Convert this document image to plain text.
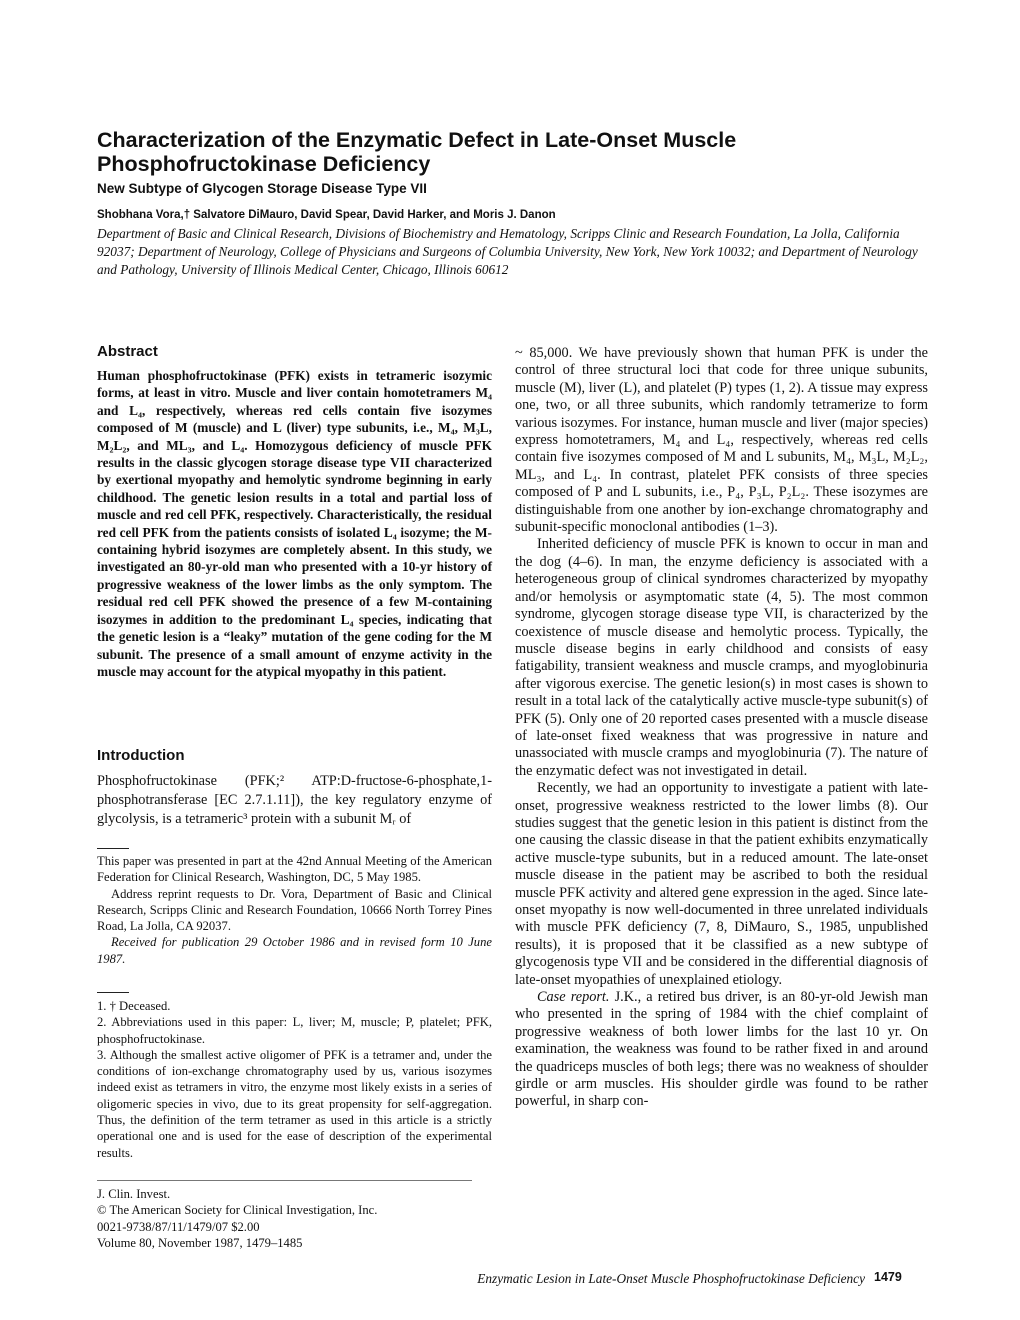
Characterization of the Enzymatic Defect in Late-Onset Muscle Phosphofructokinase Deficiency
New Subtype of Glycogen Storage Disease Type VII
Shobhana Vora,† Salvatore DiMauro, David Spear, David Harker, and Moris J. Danon
Department of Basic and Clinical Research, Divisions of Biochemistry and Hematology, Scripps Clinic and Research Foundation, La Jolla, California 92037; Department of Neurology, College of Physicians and Surgeons of Columbia University, New York, New York 10032; and Department of Neurology and Pathology, University of Illinois Medical Center, Chicago, Illinois 60612
Abstract
Human phosphofructokinase (PFK) exists in tetrameric isozymic forms, at least in vitro. Muscle and liver contain homotetramers M₄ and L₄, respectively, whereas red cells contain five isozymes composed of M (muscle) and L (liver) type subunits, i.e., M₄, M₃L, M₂L₂, and ML₃, and L₄. Homozygous deficiency of muscle PFK results in the classic glycogen storage disease type VII characterized by exertional myopathy and hemolytic syndrome beginning in early childhood. The genetic lesion results in a total and partial loss of muscle and red cell PFK, respectively. Characteristically, the residual red cell PFK from the patients consists of isolated L₄ isozyme; the M-containing hybrid isozymes are completely absent. In this study, we investigated an 80-yr-old man who presented with a 10-yr history of progressive weakness of the lower limbs as the only symptom. The residual red cell PFK showed the presence of a few M-containing isozymes in addition to the predominant L₄ species, indicating that the genetic lesion is a “leaky” mutation of the gene coding for the M subunit. The presence of a small amount of enzyme activity in the muscle may account for the atypical myopathy in this patient.
Introduction
Phosphofructokinase (PFK;² ATP:D-fructose-6-phosphate,1-phosphotransferase [EC 2.7.1.11]), the key regulatory enzyme of glycolysis, is a tetrameric³ protein with a subunit Mᵣ of

This paper was presented in part at the 42nd Annual Meeting of the American Federation for Clinical Research, Washington, DC, 5 May 1985.

Address reprint requests to Dr. Vora, Department of Basic and Clinical Research, Scripps Clinic and Research Foundation, 10666 North Torrey Pines Road, La Jolla, CA 92037.

Received for publication 29 October 1986 and in revised form 10 June 1987.

1. † Deceased.

2. Abbreviations used in this paper: L, liver; M, muscle; P, platelet; PFK, phosphofructokinase.

3. Although the smallest active oligomer of PFK is a tetramer and, under the conditions of ion-exchange chromatography used by us, various isozymes indeed exist as tetramers in vitro, the enzyme most likely exists in a series of oligomeric species in vivo, due to its great propensity for self-aggregation. Thus, the definition of the term tetramer as used in this article is a strictly operational one and is used for the ease of description of the experimental results.

J. Clin. Invest.

© The American Society for Clinical Investigation, Inc.

0021-9738/87/11/1479/07 $2.00

Volume 80, November 1987, 1479–1485

~ 85,000. We have previously shown that human PFK is under the control of three structural loci that code for three unique subunits, muscle (M), liver (L), and platelet (P) types (1, 2). A tissue may express one, two, or all three subunits, which randomly tetramerize to form various isozymes. For instance, human muscle and liver (major species) express homotetramers, M₄ and L₄, respectively, whereas red cells contain five isozymes composed of M and L subunits, M₄, M₃L, M₂L₂, ML₃, and L₄. In contrast, platelet PFK consists of three species composed of P and L subunits, i.e., P₄, P₃L, P₂L₂. These isozymes are distinguishable from one another by ion-exchange chromatography and subunit-specific monoclonal antibodies (1–3).

Inherited deficiency of muscle PFK is known to occur in man and the dog (4–6). In man, the enzyme deficiency is associated with a heterogeneous group of clinical syndromes characterized by myopathy and/or hemolysis or asymptomatic state (4, 5). The most common syndrome, glycogen storage disease type VII, is characterized by the coexistence of muscle disease and hemolytic process. Typically, the muscle disease begins in early childhood and consists of easy fatigability, transient weakness and muscle cramps, and myoglobinuria after vigorous exercise. The genetic lesion(s) in most cases is shown to result in a total lack of the catalytically active muscle-type subunit(s) of PFK (5). Only one of 20 reported cases presented with a muscle disease of late-onset fixed weakness that was progressive in nature and unassociated with muscle cramps and myoglobinuria (7). The nature of the enzymatic defect was not investigated in detail.

Recently, we had an opportunity to investigate a patient with late-onset, progressive weakness restricted to the lower limbs (8). Our studies suggest that the genetic lesion in this patient is distinct from the one causing the classic disease in that the patient exhibits enzymatically active muscle-type subunits, but in a reduced amount. The late-onset muscle disease in the patient may be ascribed to both the residual muscle PFK activity and altered gene expression in the aged. Since late-onset myopathy is now well-documented in three unrelated individuals with muscle PFK deficiency (7, 8, DiMauro, S., 1985, unpublished results), it is proposed that it be classified as a new subtype of glycogenosis type VII and be considered in the differential diagnosis of late-onset myopathies of unexplained etiology.

Case report. J.K., a retired bus driver, is an 80-yr-old Jewish man who presented in the spring of 1984 with the chief complaint of progressive weakness of both lower limbs for the last 10 yr. On examination, the weakness was found to be rather fixed in and around the quadriceps muscles of both legs; there was no weakness of shoulder girdle or arm muscles. His shoulder girdle was found to be rather powerful, in sharp con-

Enzymatic Lesion in Late-Onset Muscle Phosphofructokinase Deficiency 1479
